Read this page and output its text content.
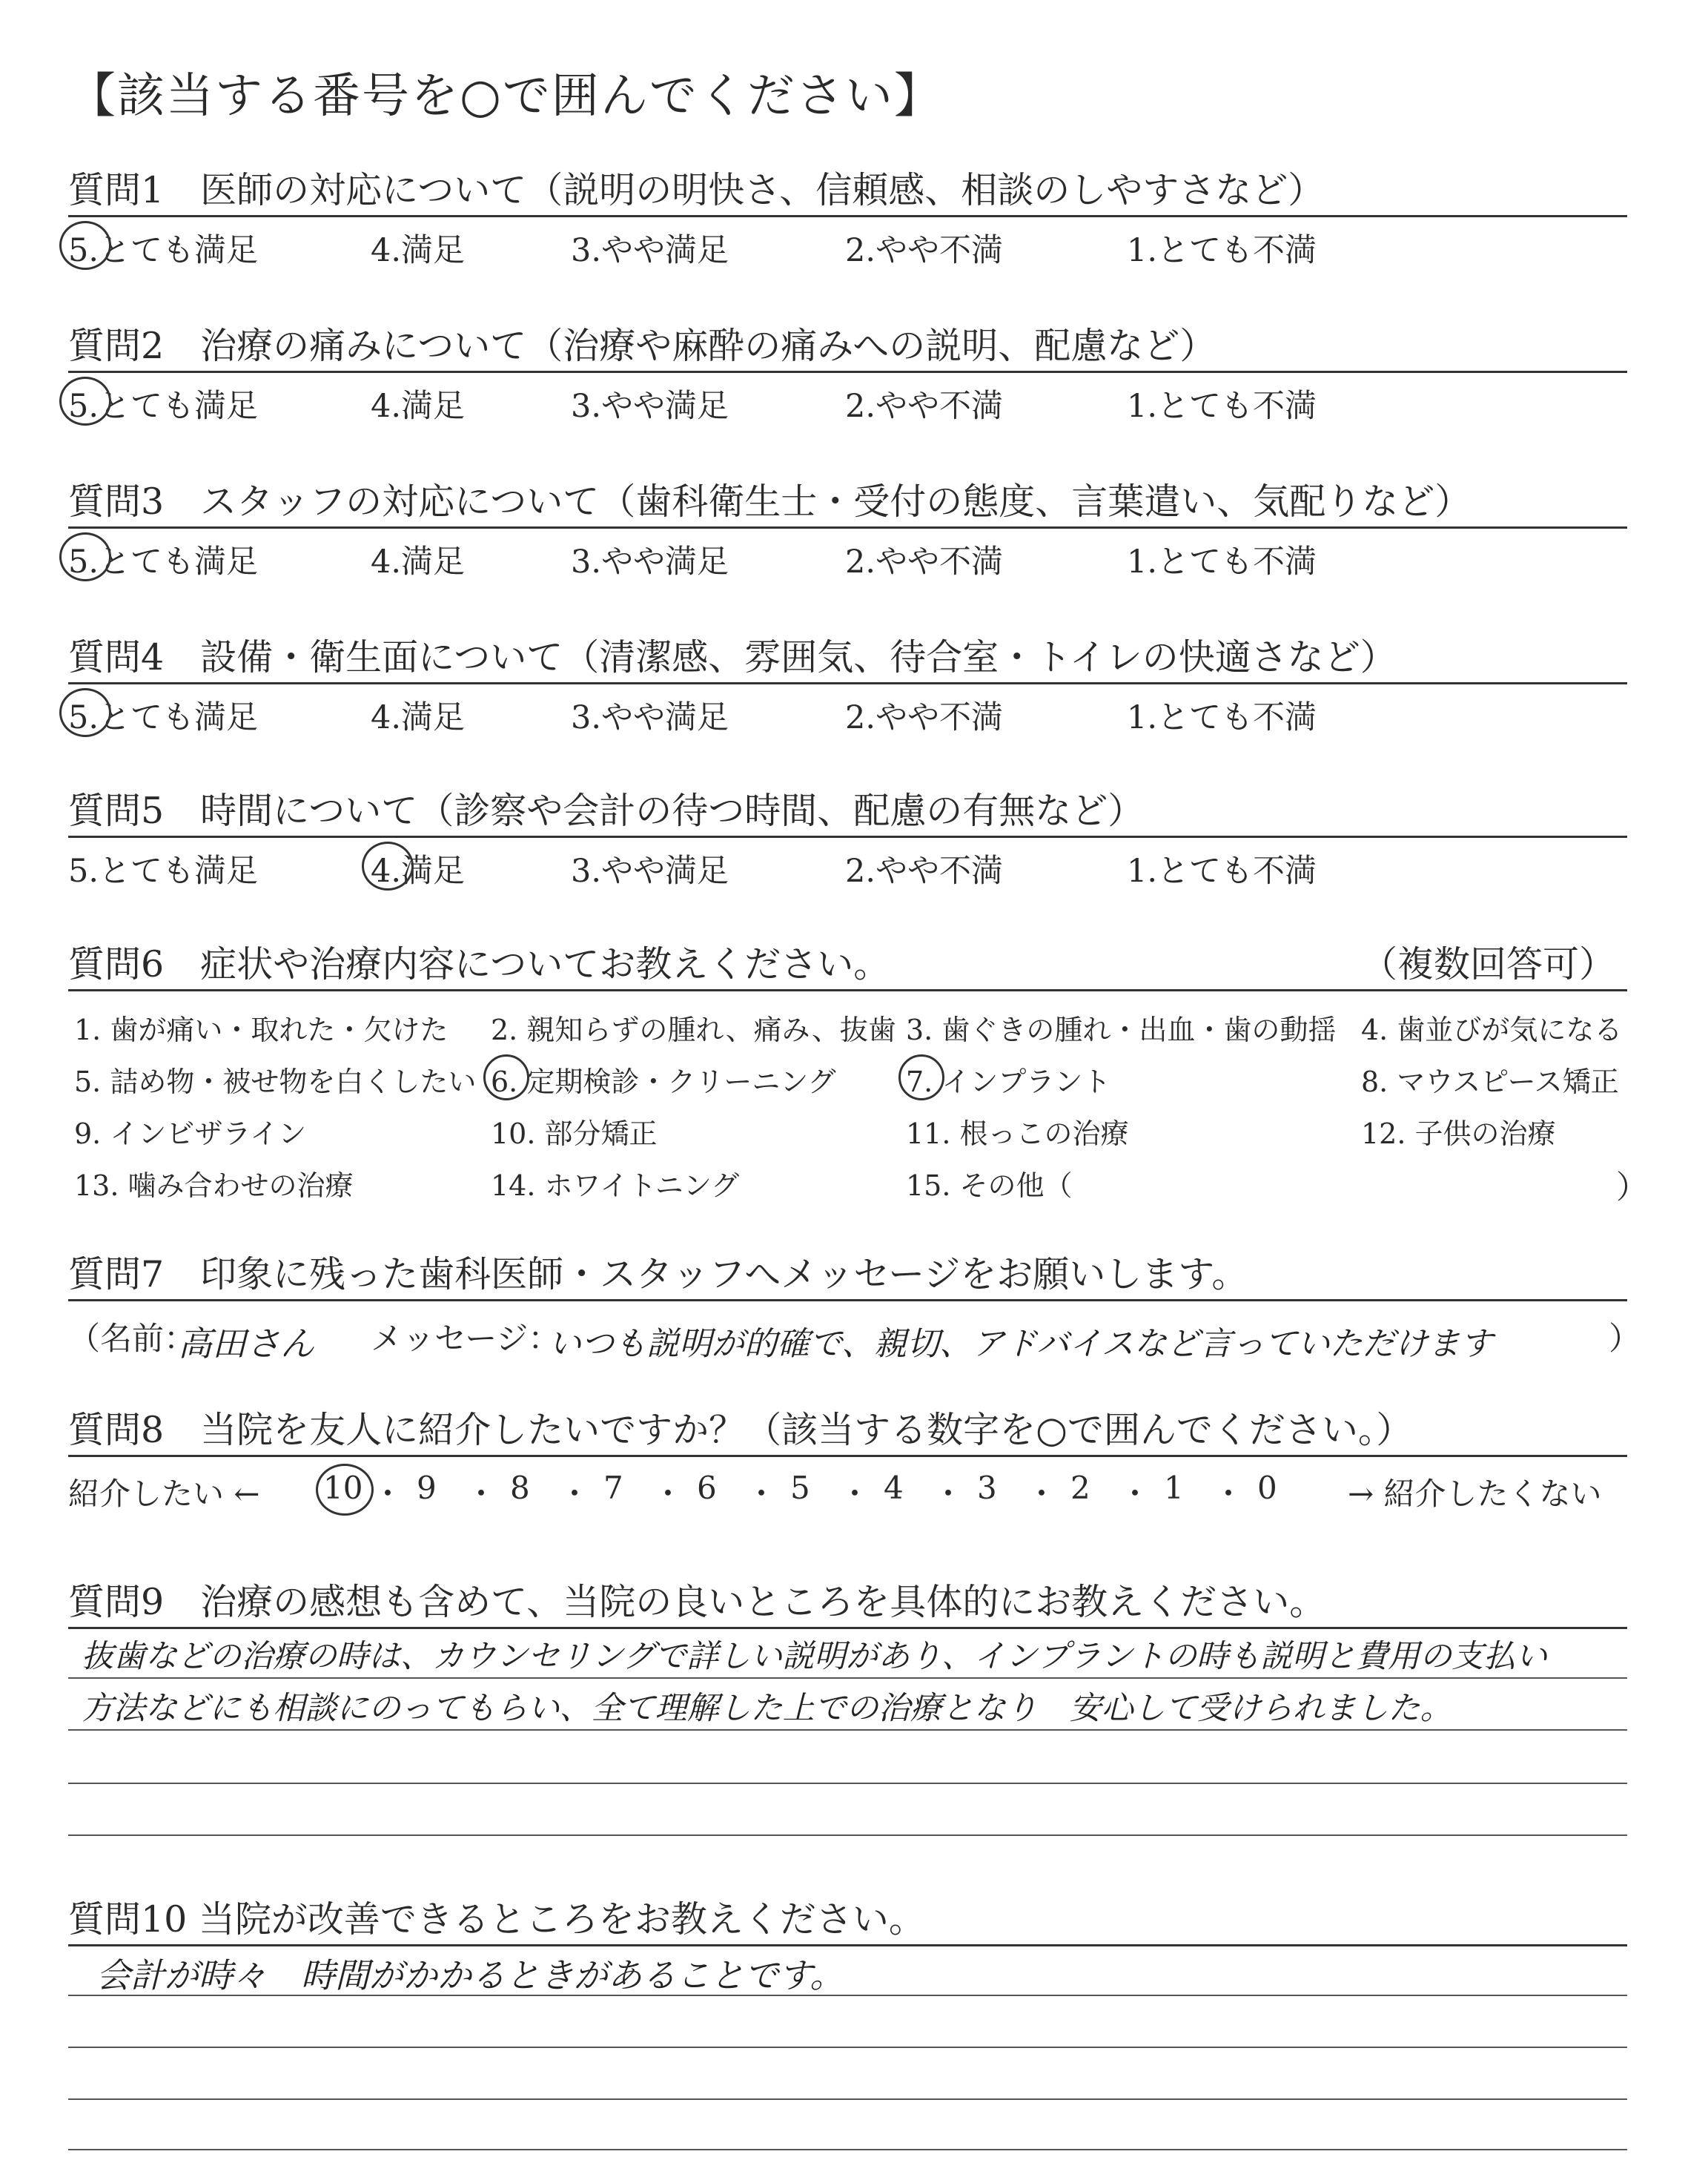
【該当する番号を○で囲んでください】
質問1　医師の対応について（説明の明快さ、信頼感、相談のしやすさなど）
5.とても満足	4.満足	3.やや満足	2.やや不満	1.とても不満
質問2　治療の痛みについて（治療や麻酔の痛みへの説明、配慮など）
5.とても満足	4.満足	3.やや満足	2.やや不満	1.とても不満
質問3　スタッフの対応について（歯科衛生士・受付の態度、言葉遣い、気配りなど）
5.とても満足	4.満足	3.やや満足	2.やや不満	1.とても不満
質問4　設備・衛生面について（清潔感、雰囲気、待合室・トイレの快適さなど）
5.とても満足	4.満足	3.やや満足	2.やや不満	1.とても不満
質問5　時間について（診察や会計の待つ時間、配慮の有無など）
5.とても満足	4.満足	3.やや満足	2.やや不満	1.とても不満
質問6　症状や治療内容についてお教えください。	（複数回答可）
1. 歯が痛い・取れた・欠けた 2. 親知らずの腫れ、痛み、抜歯 3. 歯ぐきの腫れ・出血・歯の動揺 4. 歯並びが気になる
5. 詰め物・被せ物を白くしたい 6. 定期検診・クリーニング 7. インプラント	8. マウスピース矯正
9. インビザライン	10. 部分矯正	11. 根っこの治療	12. 子供の治療
13. 噛み合わせの治療	14. ホワイトニング	15. その他（	）
質問7　印象に残った歯科医師・スタッフへメッセージをお願いします。
（名前：
高田さん メッセージ：
いつも説明が的確で、親切、アドバイスなど言っていただけます	）
質問8　当院を友人に紹介したいですか？（該当する数字を○で囲んでください。）
紹介したい ← 10 ・ 9 ・ 8 ・ 7 ・ 6 ・ 5 ・ 4 ・ 3 ・ 2 ・ 1 ・ 0 → 紹介したくない
質問9　治療の感想も含めて、当院の良いところを具体的にお教えください。
抜歯などの治療の時は、カウンセリングで詳しい説明があり、インプラントの時も説明と費用の支払い
方法などにも相談にのってもらい、全て理解した上での治療となり　安心して受けられました。
質問10 当院が改善できるところをお教えください。
会計が時々　時間がかかるときがあることです。
